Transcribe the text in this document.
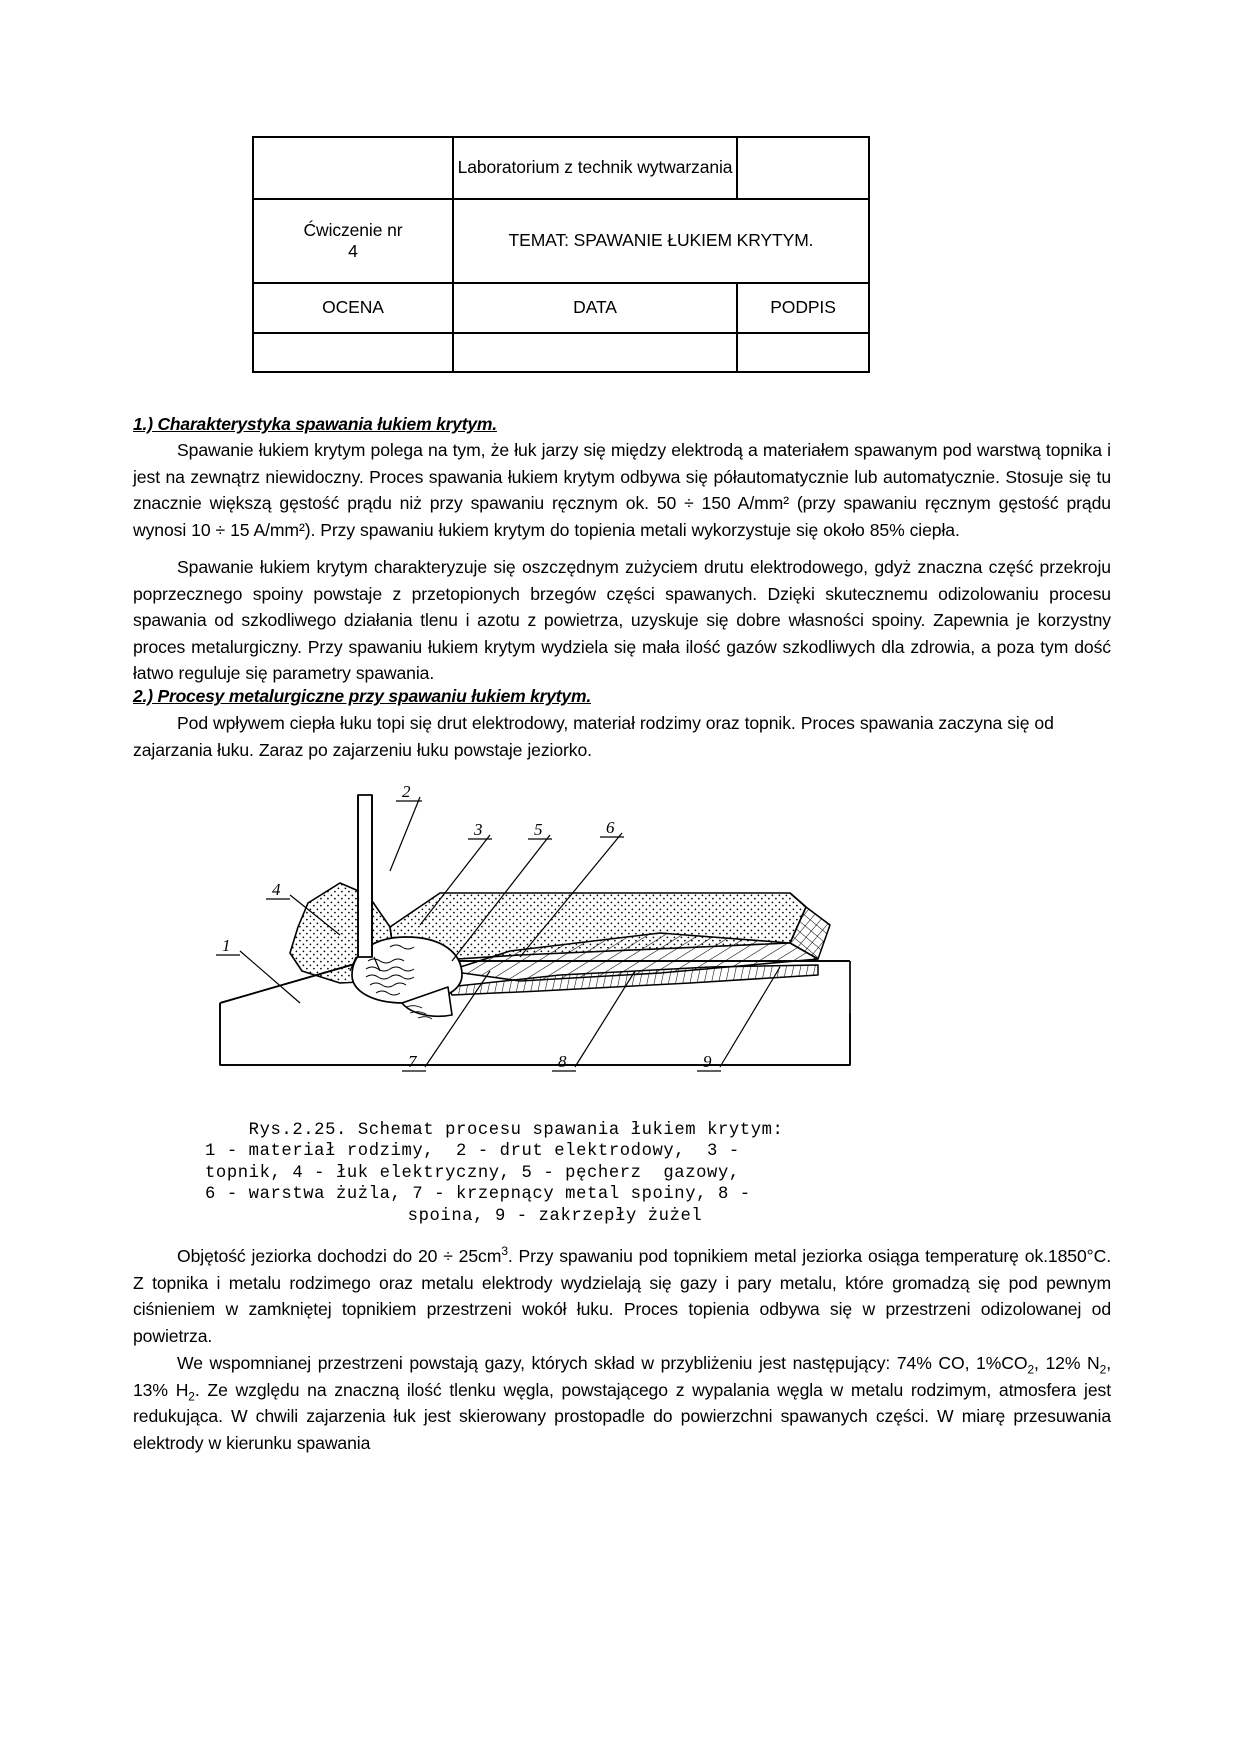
	Laboratorium z technik wytwarzania	
Ćwiczenie nr
4	TEMAT: SPAWANIE ŁUKIEM KRYTYM.	
OCENA	DATA	PODPIS

1.) Charakterystyka spawania łukiem krytym.

Spawanie łukiem krytym polega na tym, że łuk jarzy się między elektrodą a materiałem spawanym pod warstwą topnika i jest na zewnątrz niewidoczny. Proces spawania łukiem krytym odbywa się półautomatycznie lub automatycznie. Stosuje się tu znacznie większą gęstość prądu niż przy spawaniu ręcznym ok. 50 ÷ 150 A/mm² (przy spawaniu ręcznym gęstość prądu wynosi 10 ÷ 15 A/mm²). Przy spawaniu łukiem krytym do topienia metali wykorzystuje się około 85% ciepła.

Spawanie łukiem krytym charakteryzuje się oszczędnym zużyciem drutu elektrodowego, gdyż znaczna część przekroju poprzecznego spoiny powstaje z przetopionych brzegów części spawanych. Dzięki skutecznemu odizolowaniu procesu spawania od szkodliwego działania tlenu i azotu z powietrza, uzyskuje się dobre własności spoiny. Zapewnia je korzystny proces metalurgiczny. Przy spawaniu łukiem krytym wydziela się mała ilość gazów szkodliwych dla zdrowia, a poza tym dość łatwo reguluje się parametry spawania.

2.) Procesy metalurgiczne przy spawaniu łukiem krytym.

Pod wpływem ciepła łuku topi się drut elektrodowy, materiał rodzimy oraz topnik. Proces spawania zaczyna się od zajarzania łuku. Zaraz po zajarzeniu łuku powstaje jeziorko.

2
3	5	6
4
1
7	8	9

Rys.2.25. Schemat procesu spawania łukiem krytym:
1 - materiał rodzimy,  2 - drut elektrodowy,  3 -
topnik, 4 - łuk elektryczny, 5 - pęcherz  gazowy,
6 - warstwa żużla, 7 - krzepnący metal spoiny, 8 -

spoina, 9 - zakrzepły żużel

Objętość jeziorka dochodzi do $20 \div 25cm^3$. Przy spawaniu pod topnikiem metal jeziorka osiąga temperaturę ok.1850°C. Z topnika i metalu rodzimego oraz metalu elektrody wydzielają się gazy i pary metalu, które gromadzą się pod pewnym ciśnieniem w zamkniętej topnikiem przestrzeni wokół łuku. Proces topienia odbywa się w przestrzeni odizolowanej od powietrza.

We wspomnianej przestrzeni powstają gazy, których skład w przybliżeniu jest następujący: 74% CO, $1\%CO_2$, 12% $N_2$, 13% $H_2$. Ze względu na znaczną ilość tlenku węgla, powstającego z wypalania węgla w metalu rodzimym, atmosfera jest redukująca. W chwili zajarzenia łuk jest skierowany prostopadle do powierzchni spawanych części. W miarę przesuwania elektrody w kierunku spawania
